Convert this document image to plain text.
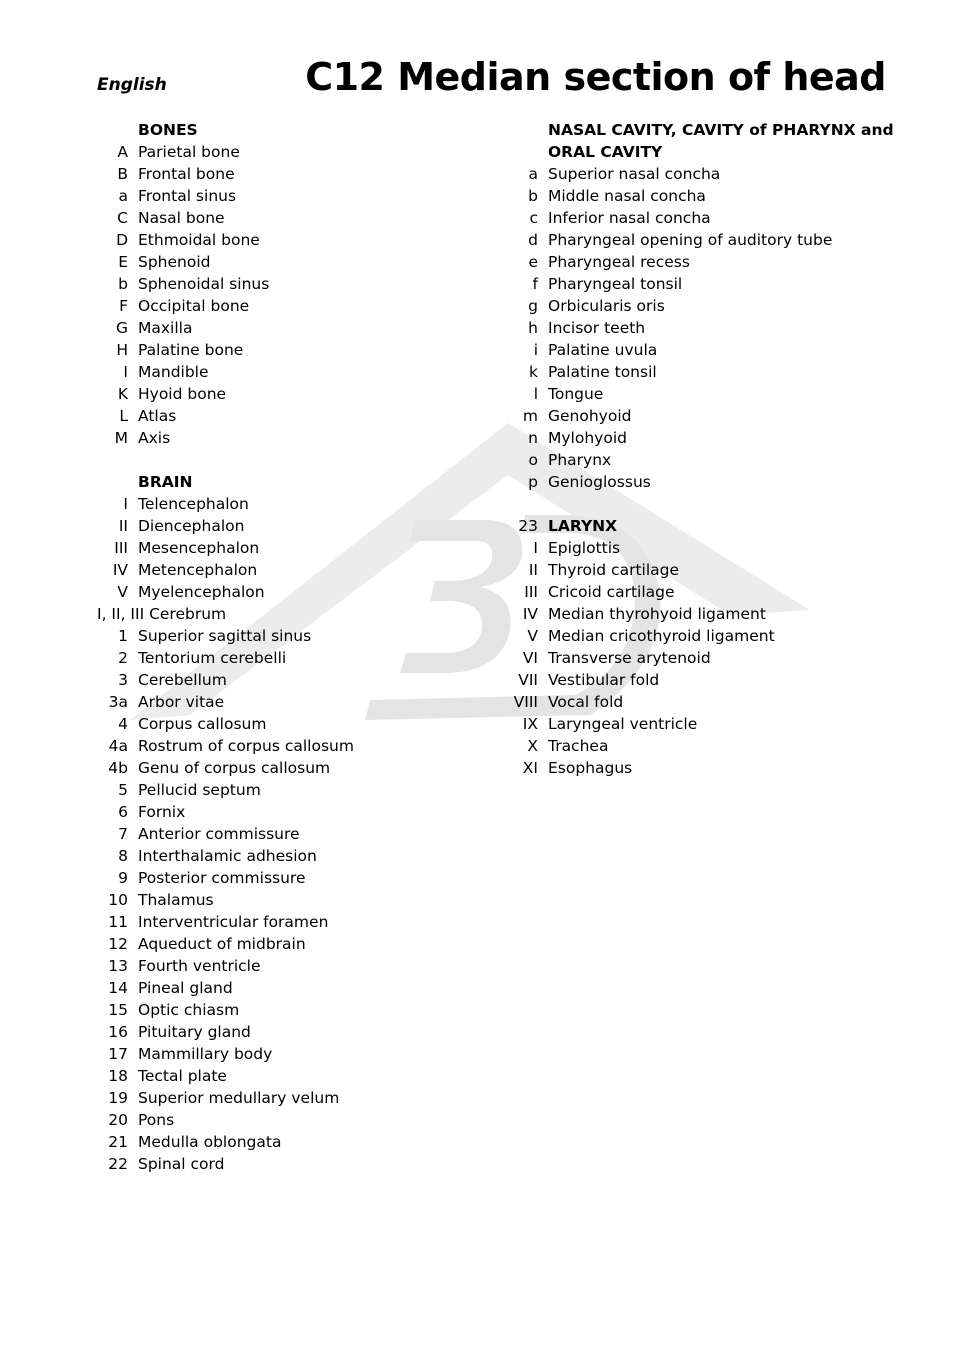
English	C12 Median section of head
BONES
A Parietal bone
B Frontal bone
a Frontal sinus
C Nasal bone
D Ethmoidal bone
E Sphenoid
b Sphenoidal sinus
F Occipital bone
G Maxilla
H Palatine bone
I Mandible
K Hyoid bone
L Atlas
M Axis
BRAIN
I Telencephalon
II Diencephalon
III Mesencephalon
IV Metencephalon
V Myelencephalon
I, II, III Cerebrum
1 Superior sagittal sinus
2 Tentorium cerebelli
3 Cerebellum
3a Arbor vitae
4 Corpus callosum
4a Rostrum of corpus callosum
4b Genu of corpus callosum
5 Pellucid septum
6 Fornix
7 Anterior commissure
8 Interthalamic adhesion
9 Posterior commissure
10 Thalamus
11 Interventricular foramen
12 Aqueduct of midbrain
13 Fourth ventricle
14 Pineal gland
15 Optic chiasm
16 Pituitary gland
17 Mammillary body
18 Tectal plate
19 Superior medullary velum
20 Pons
21 Medulla oblongata
22 Spinal cord
NASAL CAVITY, CAVITY of PHARYNX and
ORAL CAVITY
a Superior nasal concha
b Middle nasal concha
c Inferior nasal concha
d Pharyngeal opening of auditory tube
e Pharyngeal recess
f Pharyngeal tonsil
g Orbicularis oris
h Incisor teeth
i Palatine uvula
k Palatine tonsil
l Tongue
m Genohyoid
n Mylohyoid
o Pharynx
p Genioglossus
23 LARYNX
I Epiglottis
II Thyroid cartilage
III Cricoid cartilage
IV Median thyrohyoid ligament
V Median cricothyroid ligament
VI Transverse arytenoid
VII Vestibular fold
VIII Vocal fold
IX Laryngeal ventricle
X Trachea
XI Esophagus
